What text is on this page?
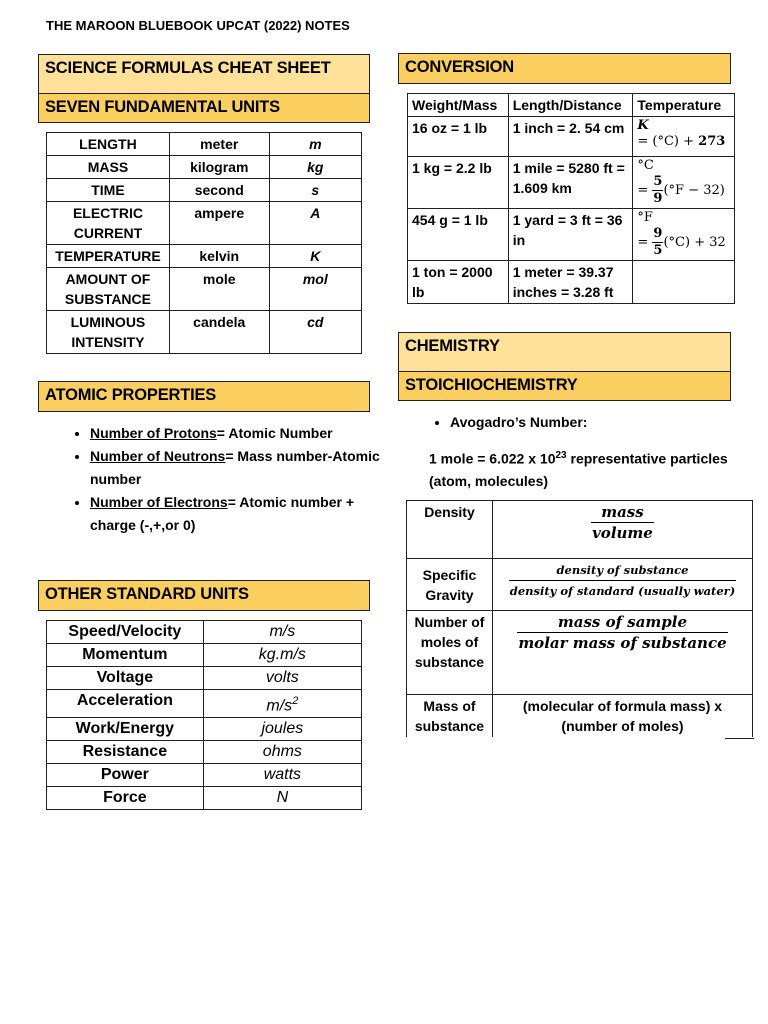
THE MAROON BLUEBOOK UPCAT (2022) NOTES
SCIENCE FORMULAS CHEAT SHEET
SEVEN FUNDAMENTAL UNITS
LENGTH	meter	m
MASS	kilogram	kg
TIME	second	s
ELECTRIC CURRENT	ampere	A
TEMPERATURE	kelvin	K
AMOUNT OF SUBSTANCE	mole	mol
LUMINOUS INTENSITY	candela	cd
ATOMIC PROPERTIES
• Number of Protons= Atomic Number
• Number of Neutrons= Mass number-Atomic number
• Number of Electrons= Atomic number + charge (-,+,or 0)
OTHER STANDARD UNITS
Speed/Velocity	m/s
Momentum	kg.m/s
Voltage	volts
Acceleration	$m/s^2$
Work/Energy	joules
Resistance	ohms
Power	watts
Force	N
CONVERSION
Weight/Mass	Length/Distance	Temperature
16 oz = 1 lb	1 inch = 2. 54 cm	K
= (°C) + 273
1 kg = 2.2 lb	1 mile = 5280 ft = 1.609 km	°C
= $\frac{5}{9} (^\circ F - 32)$
454 g = 1 lb	1 yard = 3 ft = 36 in	°F
= $\frac{9}{5} (^\circ C) + 32$
1 ton = 2000 lb	1 meter = 39.37 inches = 3.28 ft	
CHEMISTRY
STOICHIOCHEMISTRY
• Avogadro’s Number:
1 mole = 6.022 x $10^{23}$ representative particles (atom, molecules)
Density	$\frac{\text{mass}}{\text{volume}}$

Specific Gravity	$\frac{\text{density of substance}}{\text{density of standard (usually water)}}$

Number of moles of substance	$\frac{\text{mass of sample}}{\text{molar mass of substance}}$

Mass of substance	(molecular of formula mass) x (number of moles)
